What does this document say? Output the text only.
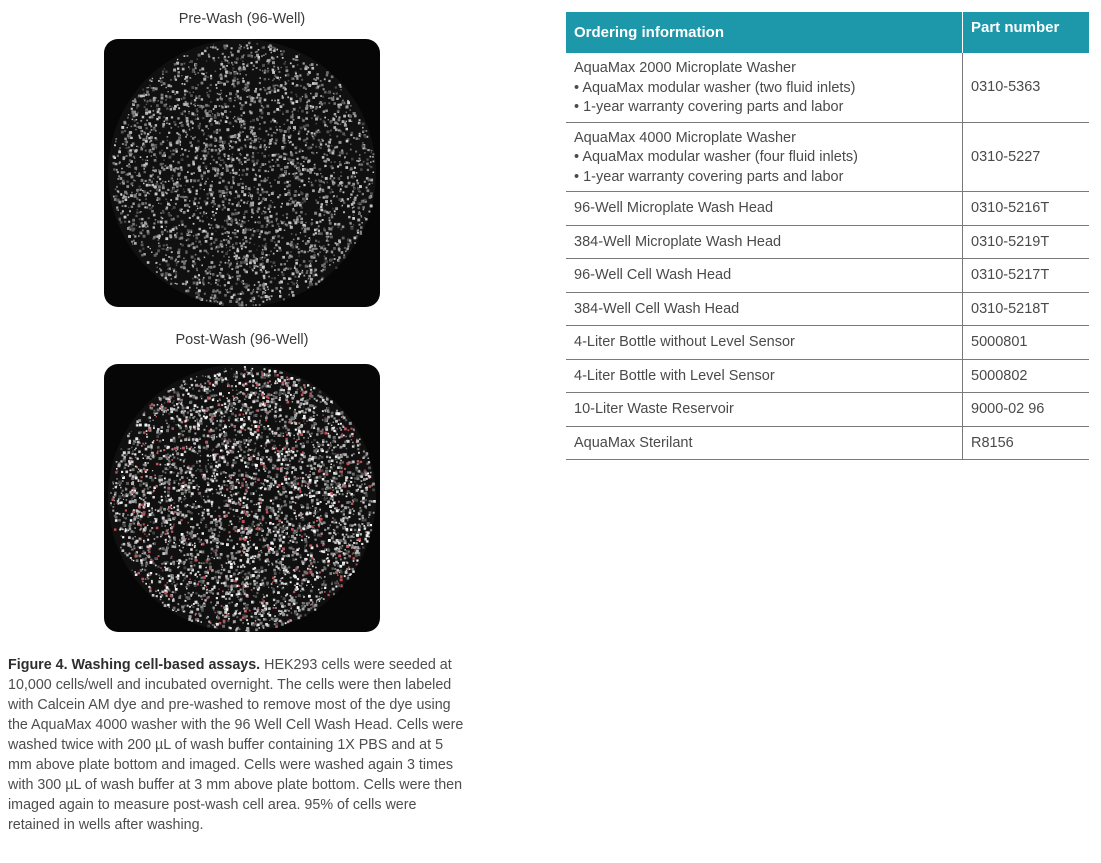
Pre-Wash (96-Well)
Post-Wash (96-Well)
Figure 4. Washing cell-based assays. HEK293 cells were seeded at 10,000 cells/well and incubated overnight. The cells were then labeled with Calcein AM dye and pre-washed to remove most of the dye using the AquaMax 4000 washer with the 96 Well Cell Wash Head. Cells were washed twice with 200 µL of wash buffer containing 1X PBS and at 5 mm above plate bottom and imaged. Cells were washed again 3 times with 300 µL of wash buffer at 3 mm above plate bottom. Cells were then imaged again to measure post-wash cell area. 95% of cells were retained in wells after washing.
Ordering information	Part number

AquaMax 2000 Microplate Washer
• AquaMax modular washer (two fluid inlets)
• 1-year warranty covering parts and labor	0310-5363

AquaMax 4000 Microplate Washer
• AquaMax modular washer (four fluid inlets)
• 1-year warranty covering parts and labor	0310-5227
96-Well Microplate Wash Head	0310-5216T
384-Well Microplate Wash Head	0310-5219T
96-Well Cell Wash Head	0310-5217T
384-Well Cell Wash Head	0310-5218T
4-Liter Bottle without Level Sensor	5000801
4-Liter Bottle with Level Sensor	5000802
10-Liter Waste Reservoir	9000-02 96
AquaMax Sterilant	R8156
